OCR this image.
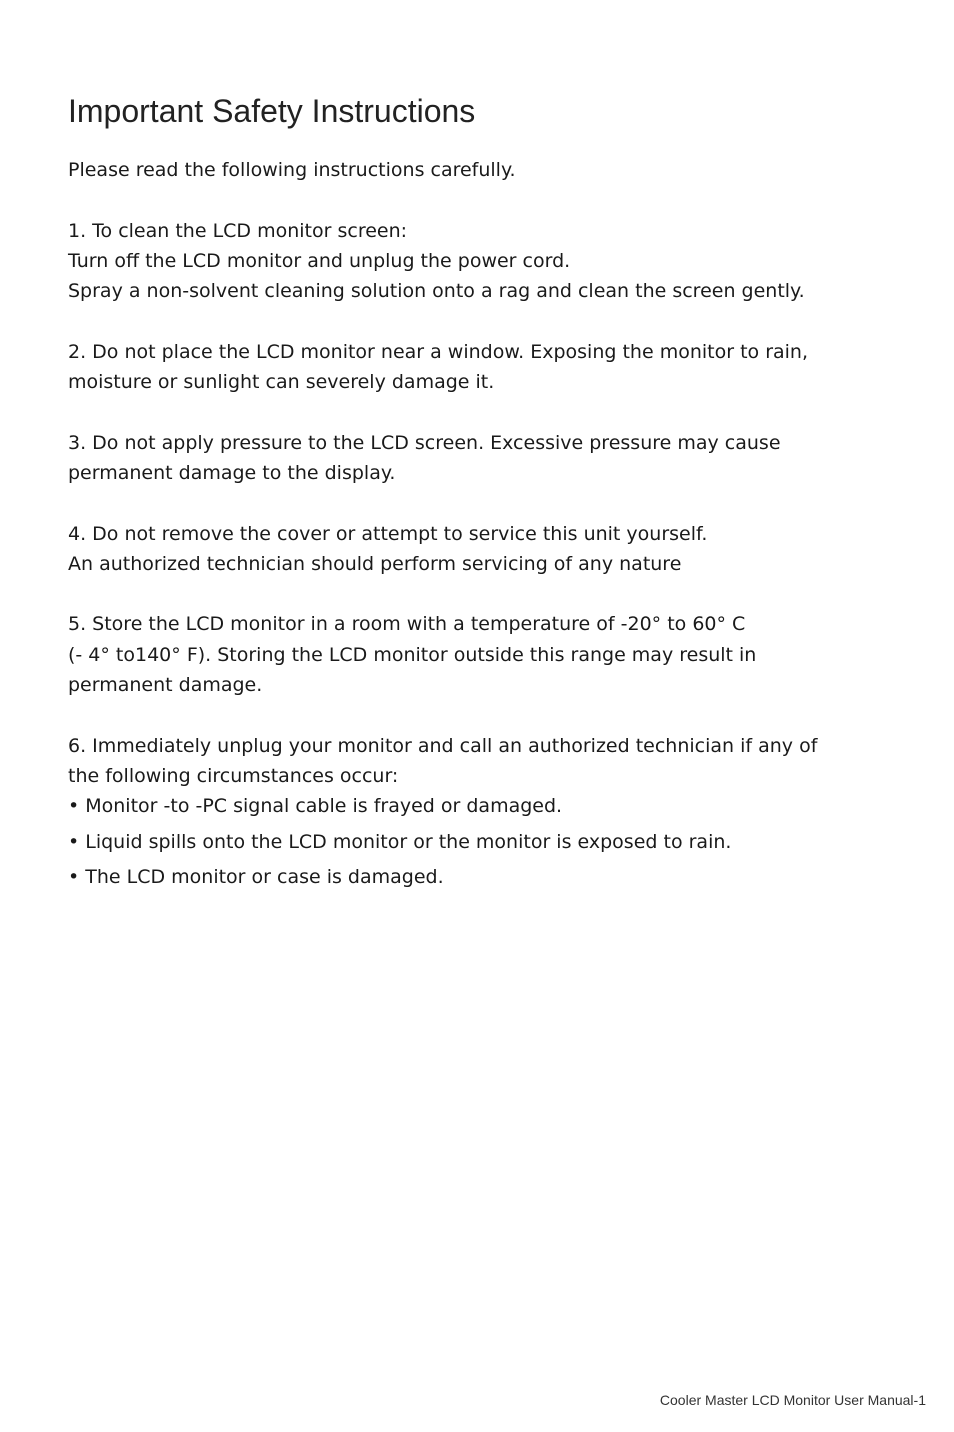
Important Safety Instructions

Please read the following instructions carefully.

1. To clean the LCD monitor screen:
Turn off the LCD monitor and unplug the power cord.
Spray a non-solvent cleaning solution onto a rag and clean the screen gently.

2. Do not place the LCD monitor near a window. Exposing the monitor to rain,
moisture or sunlight can severely damage it.

3. Do not apply pressure to the LCD screen. Excessive pressure may cause
permanent damage to the display.

4. Do not remove the cover or attempt to service this unit yourself.
An authorized technician should perform servicing of any nature

5. Store the LCD monitor in a room with a temperature of -20° to 60° C
(- 4° to140° F). Storing the LCD monitor outside this range may result in
permanent damage.

6. Immediately unplug your monitor and call an authorized technician if any of
the following circumstances occur:

• Monitor -to -PC signal cable is frayed or damaged.
• Liquid spills onto the LCD monitor or the monitor is exposed to rain.
• The LCD monitor or case is damaged.
Cooler Master LCD Monitor User Manual-1
